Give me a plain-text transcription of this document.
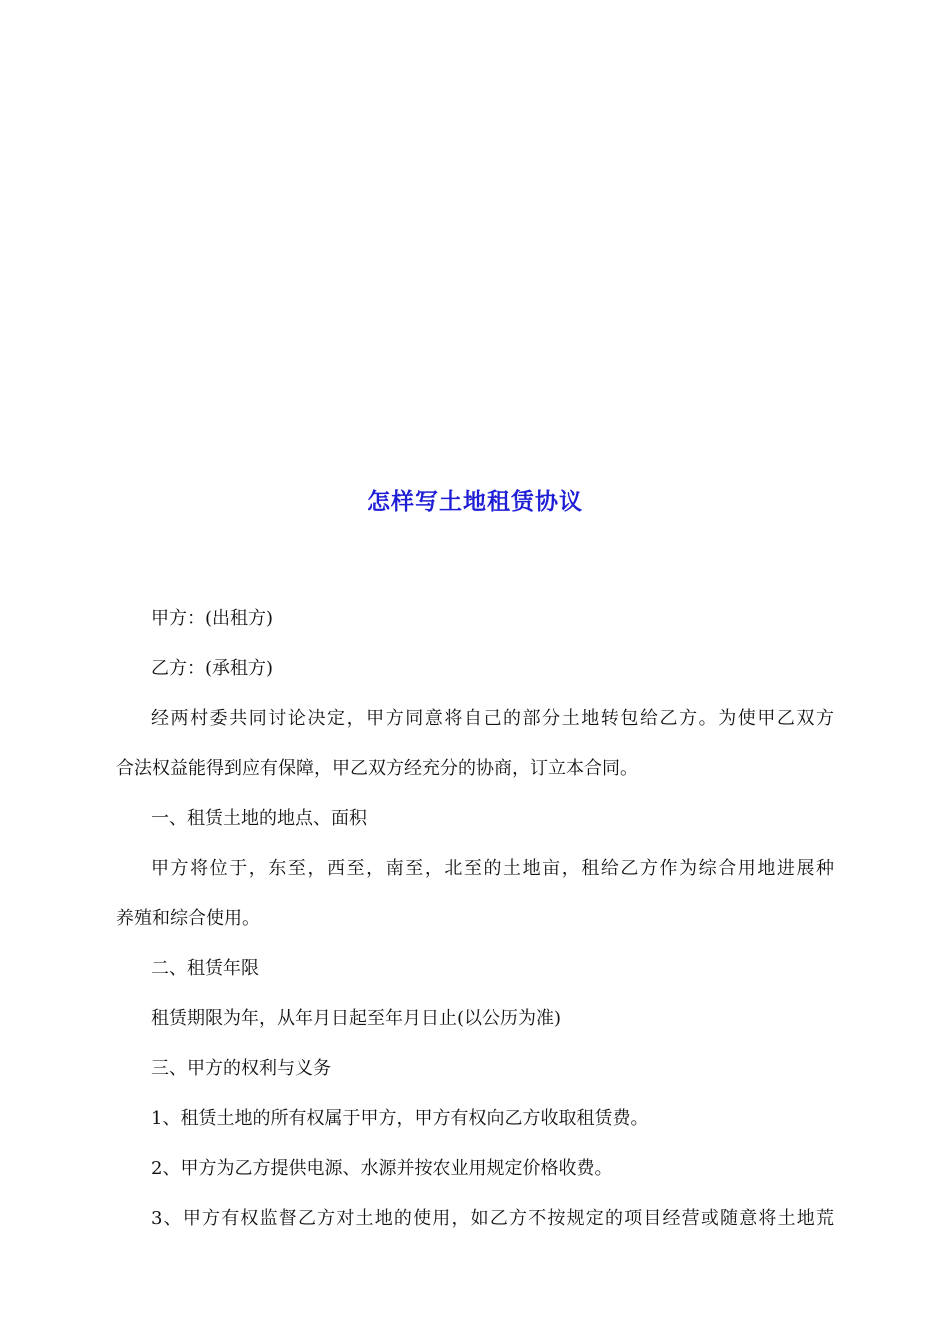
怎样写土地租赁协议
甲方：(出租方)
乙方：(承租方)
经两村委共同讨论决定，甲方同意将自己的部分土地转包给乙方。为使甲乙双方
合法权益能得到应有保障，甲乙双方经充分的协商，订立本合同。
一、租赁土地的地点、面积
甲方将位于，东至，西至，南至，北至的土地亩，租给乙方作为综合用地进展种
养殖和综合使用。
二、租赁年限
租赁期限为年，从年月日起至年月日止(以公历为准)
三、甲方的权利与义务
1、租赁土地的所有权属于甲方，甲方有权向乙方收取租赁费。
2、甲方为乙方提供电源、水源并按农业用规定价格收费。
3、甲方有权监督乙方对土地的使用，如乙方不按规定的项目经营或随意将土地荒
